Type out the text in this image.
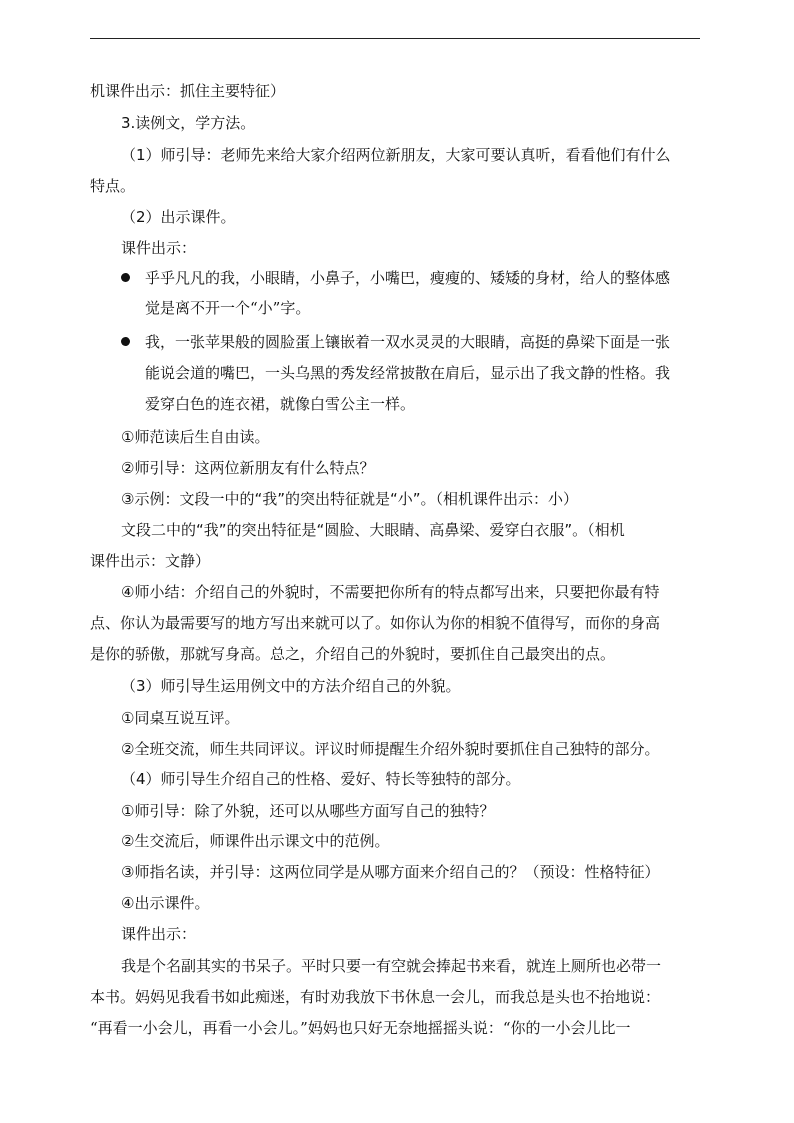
机课件出示：抓住主要特征）
3.读例文，学方法。
（1）师引导：老师先来给大家介绍两位新朋友，大家可要认真听，看看他们有什么
特点。
（2）出示课件。
课件出示：
乎乎凡凡的我，小眼睛，小鼻子，小嘴巴，瘦瘦的、矮矮的身材，给人的整体感
觉是离不开一个“小”字。
我，一张苹果般的圆脸蛋上镶嵌着一双水灵灵的大眼睛，高挺的鼻梁下面是一张
能说会道的嘴巴，一头乌黑的秀发经常披散在肩后，显示出了我文静的性格。我
爱穿白色的连衣裙，就像白雪公主一样。
①师范读后生自由读。
②师引导：这两位新朋友有什么特点？
③示例：文段一中的“我”的突出特征就是“小”。（相机课件出示：小）
文段二中的“我”的突出特征是“圆脸、大眼睛、高鼻梁、爱穿白衣服”。（相机
课件出示：文静）
④师小结：介绍自己的外貌时，不需要把你所有的特点都写出来，只要把你最有特
点、你认为最需要写的地方写出来就可以了。如你认为你的相貌不值得写，而你的身高
是你的骄傲，那就写身高。总之，介绍自己的外貌时，要抓住自己最突出的点。
（3）师引导生运用例文中的方法介绍自己的外貌。
①同桌互说互评。
②全班交流，师生共同评议。评议时师提醒生介绍外貌时要抓住自己独特的部分。
（4）师引导生介绍自己的性格、爱好、特长等独特的部分。
①师引导：除了外貌，还可以从哪些方面写自己的独特？
②生交流后，师课件出示课文中的范例。
③师指名读，并引导：这两位同学是从哪方面来介绍自己的？（预设：性格特征）
④出示课件。
课件出示：
我是个名副其实的书呆子。平时只要一有空就会捧起书来看，就连上厕所也必带一
本书。妈妈见我看书如此痴迷，有时劝我放下书休息一会儿，而我总是头也不抬地说：
“再看一小会儿，再看一小会儿。”妈妈也只好无奈地摇摇头说：“你的一小会儿比一
